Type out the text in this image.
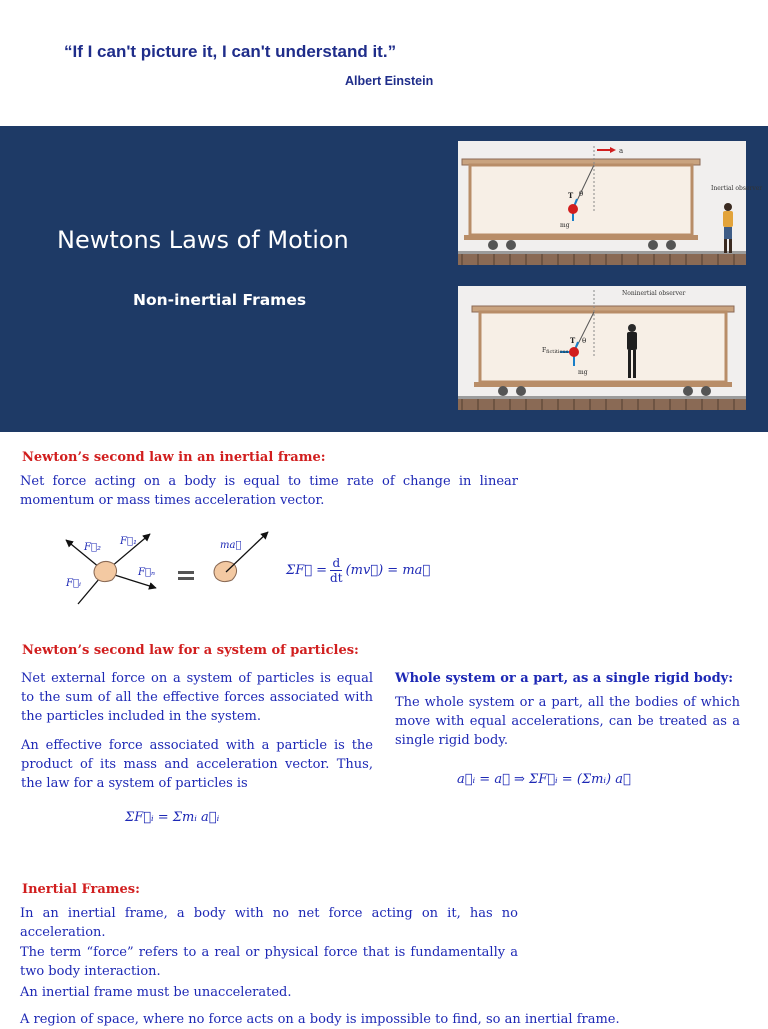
“If I can't picture it, I can't understand it.”
Albert Einstein
Newtons Laws of Motion
Non-inertial Frames
a
T θ
mg
Inertial observer
Noninertial observer
T θ
Ffictitious
mg
Newton’s second law in an inertial frame:
Net force acting on a body is equal to time rate of change in linear momentum or mass times acceleration vector.
F⃗₂
F⃗₁
F⃗ᵢ
F⃗ₙ
ma⃗
ΣF⃗ = $\frac{d}{dt}$ (mv⃗) = ma⃗
Newton’s second law for a system of particles:
Net external force on a system of particles is equal to the sum of all the effective forces associated with the particles included in the system.
An effective force associated with a particle is the product of its mass and acceleration vector. Thus, the law for a system of particles is
ΣF⃗ᵢ = Σmᵢ a⃗ᵢ
Whole system or a part, as a single rigid body:
The whole system or a part, all the bodies of which move with equal accelerations, can be treated as a single rigid body.
a⃗ᵢ = a⃗ ⇒ ΣF⃗ᵢ = (Σmᵢ) a⃗
Inertial Frames:
In an inertial frame, a body with no net force acting on it, has no acceleration.
The term “force” refers to a real or physical force that is fundamentally a two body interaction.
An inertial frame must be unaccelerated.
A region of space, where no force acts on a body is impossible to find, so an inertial frame.
